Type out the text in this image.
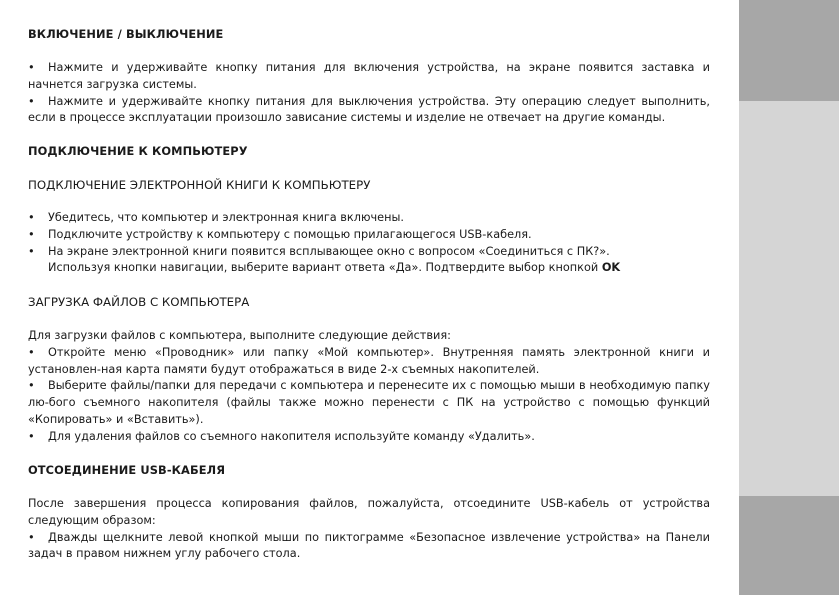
ВКЛЮЧЕНИЕ / ВЫКЛЮЧЕНИЕ
• Нажмите и удерживайте кнопку питания для включения устройства, на экране появится заставка и начнется загрузка системы.
• Нажмите и удерживайте кнопку питания для выключения устройства. Эту операцию следует выполнить, если в процессе эксплуатации произошло зависание системы и изделие не отвечает на другие команды.
ПОДКЛЮЧЕНИЕ К КОМПЬЮТЕРУ
ПОДКЛЮЧЕНИЕ ЭЛЕКТРОННОЙ КНИГИ К КОМПЬЮТЕРУ
• Убедитесь, что компьютер и электронная книга включены.
• Подключите устройству к компьютеру с помощью прилагающегося USB-кабеля.
• На экране электронной книги появится всплывающее окно с вопросом «Соединиться с ПК?».
Используя кнопки навигации, выберите вариант ответа «Да». Подтвердите выбор кнопкой OK
ЗАГРУЗКА ФАЙЛОВ С КОМПЬЮТЕРА
Для загрузки файлов с компьютера, выполните следующие действия:
• Откройте меню «Проводник» или папку «Мой компьютер». Внутренняя память электронной книги и установлен-ная карта памяти будут отображаться в виде 2-х съемных накопителей.
• Выберите файлы/папки для передачи с компьютера и перенесите их с помощью мыши в необходимую папку лю-бого съемного накопителя (файлы также можно перенести с ПК на устройство с помощью функций «Копировать» и «Вставить»).
• Для удаления файлов со съемного накопителя используйте команду «Удалить».
ОТСОЕДИНЕНИЕ USB-КАБЕЛЯ
После завершения процесса копирования файлов, пожалуйста, отсоедините USB-кабель от устройства следующим образом:
• Дважды щелкните левой кнопкой мыши по пиктограмме «Безопасное извлечение устройства» на Панели задач в правом нижнем углу рабочего стола.
